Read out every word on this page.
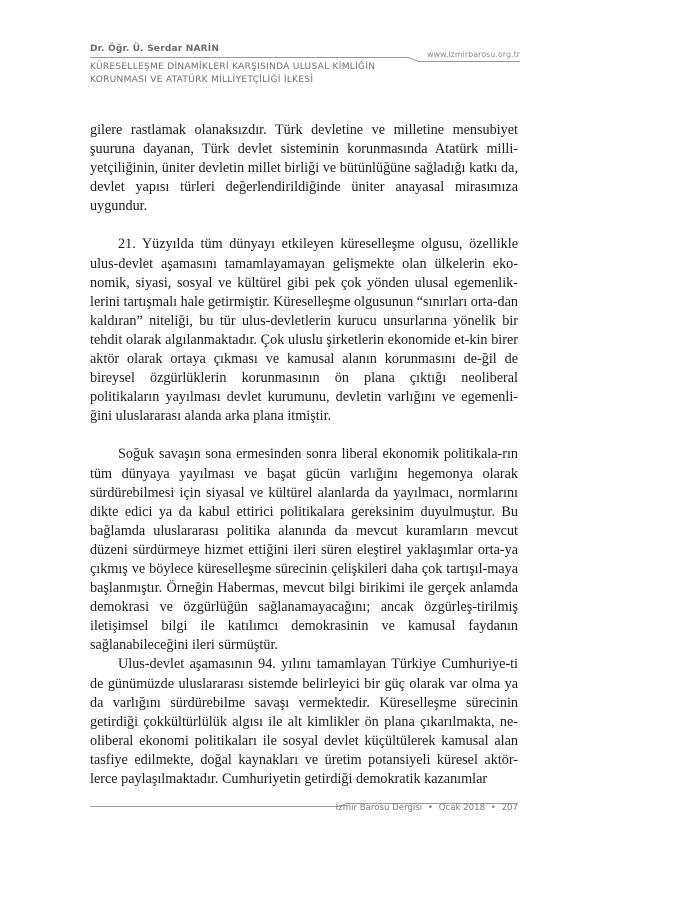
Dr. Öğr. Ü. Serdar NARİN
www.izmirbarosu.org.tr
KÜRESELLEŞME DİNAMİKLERİ KARŞISINDA ULUSAL KİMLİĞİN
KORUNMASI VE ATATÜRK MİLLİYETÇİLİĞİ İLKESİ

gilere rastlamak olanaksızdır. Türk devletine ve milletine mensubiyet şuuruna dayanan, Türk devlet sisteminin korunmasında Atatürk milli-yetçiliğinin, üniter devletin millet birliği ve bütünlüğüne sağladığı katkı da, devlet yapısı türleri değerlendirildiğinde üniter anayasal mirasımıza uygundur.

21. Yüzyılda tüm dünyayı etkileyen küreselleşme olgusu, özellikle ulus-devlet aşamasını tamamlayamayan gelişmekte olan ülkelerin eko-nomik, siyasi, sosyal ve kültürel gibi pek çok yönden ulusal egemenlik-lerini tartışmalı hale getirmiştir. Küreselleşme olgusunun “sınırları orta-dan kaldıran” niteliği, bu tür ulus-devletlerin kurucu unsurlarına yönelik bir tehdit olarak algılanmaktadır. Çok uluslu şirketlerin ekonomide et-kin birer aktör olarak ortaya çıkması ve kamusal alanın korunmasını de-ğil de bireysel özgürlüklerin korunmasının ön plana çıktığı neoliberal politikaların yayılması devlet kurumunu, devletin varlığını ve egemenli-ğini uluslararası alanda arka plana itmiştir.

Soğuk savaşın sona ermesinden sonra liberal ekonomik politikala-rın tüm dünyaya yayılması ve başat gücün varlığını hegemonya olarak sürdürebilmesi için siyasal ve kültürel alanlarda da yayılmacı, normlarını dikte edici ya da kabul ettirici politikalara gereksinim duyulmuştur. Bu bağlamda uluslararası politika alanında da mevcut kuramların mevcut düzeni sürdürmeye hizmet ettiğini ileri süren eleştirel yaklaşımlar orta-ya çıkmış ve böylece küreselleşme sürecinin çelişkileri daha çok tartışıl-maya başlanmıştır. Örneğin Habermas, mevcut bilgi birikimi ile gerçek anlamda demokrasi ve özgürlüğün sağlanamayacağını; ancak özgürleş-tirilmiş iletişimsel bilgi ile katılımcı demokrasinin ve kamusal faydanın sağlanabileceğini ileri sürmüştür.

Ulus-devlet aşamasının 94. yılını tamamlayan Türkiye Cumhuriye-ti de günümüzde uluslararası sistemde belirleyici bir güç olarak var olma ya da varlığını sürdürebilme savaşı vermektedir. Küreselleşme sürecinin getirdiği çokkültürlülük algısı ile alt kimlikler ön plana çıkarılmakta, ne-oliberal ekonomi politikaları ile sosyal devlet küçültülerek kamusal alan tasfiye edilmekte, doğal kaynakları ve üretim potansiyeli küresel aktör-lerce paylaşılmaktadır. Cumhuriyetin getirdiği demokratik kazanımlar

İzmir Barosu Dergisi • Ocak 2018 • 207
